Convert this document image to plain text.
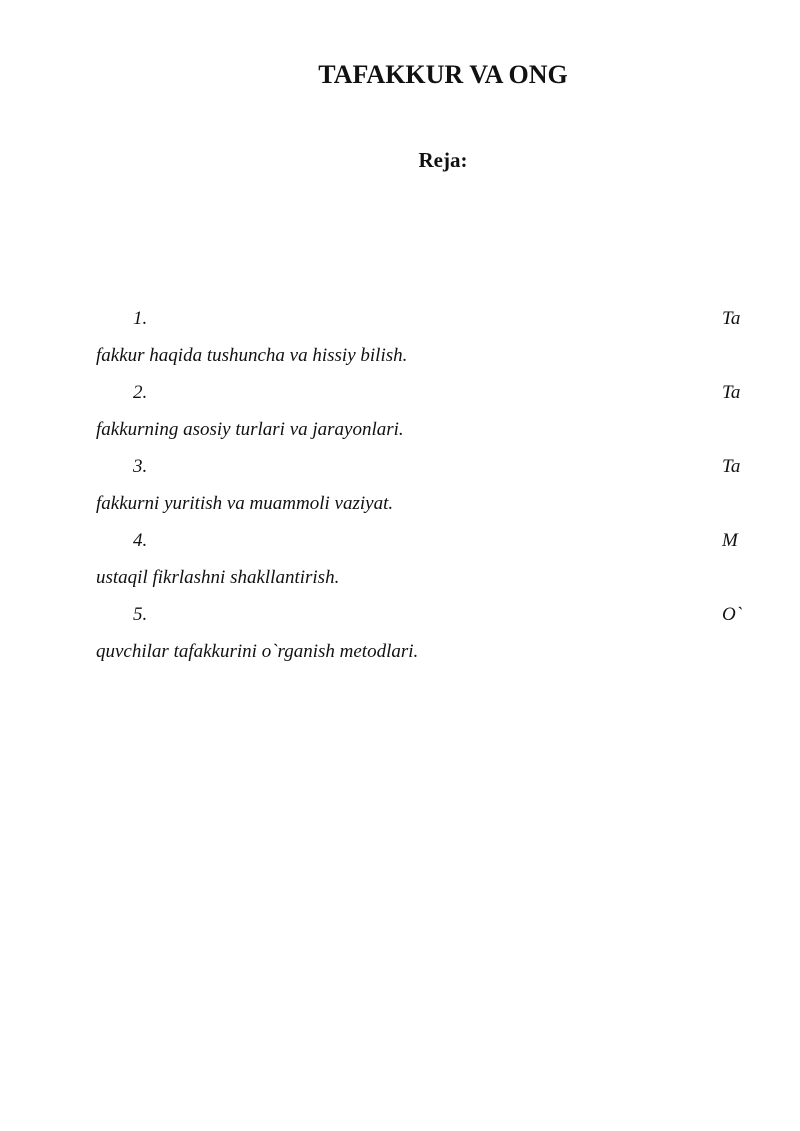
TAFAKKUR VA ONG
Reja:
1.	Ta
fakkur haqida tushuncha va hissiy bilish.
2.	Ta
fakkurning asosiy turlari va jarayonlari.
3.	Ta
fakkurni yuritish va muammoli vaziyat.
4.	M
ustaqil fikrlashni shakllantirish.
5.	O`
quvchilar tafakkurini o`rganish metodlari.
